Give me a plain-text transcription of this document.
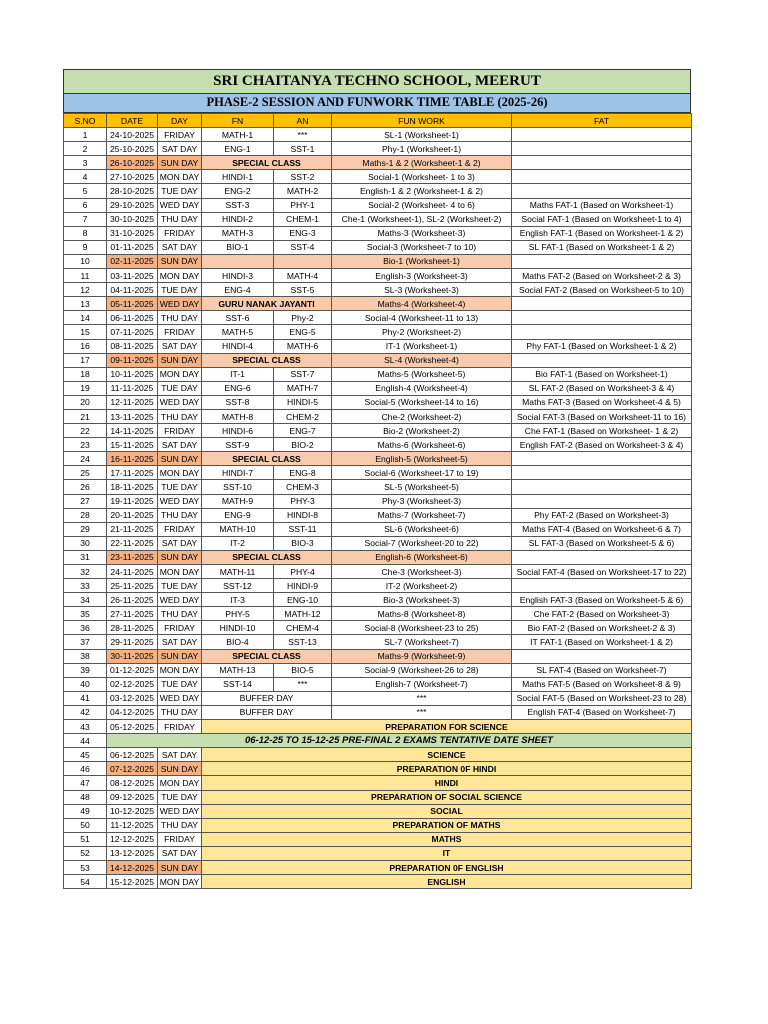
SRI CHAITANYA TECHNO SCHOOL, MEERUT
PHASE-2 SESSION AND FUNWORK TIME TABLE (2025-26)
S.NO	DATE	DAY	FN	AN	FUN WORK	FAT
1	24-10-2025	FRIDAY	MATH-1	***	SL-1 (Worksheet-1)	
2	25-10-2025	SAT DAY	ENG-1	SST-1	Phy-1 (Worksheet-1)	
3	26-10-2025	SUN DAY	SPECIAL CLASS		Maths-1 & 2 (Worksheet-1 & 2)	
4	27-10-2025	MON DAY	HINDI-1	SST-2	Social-1 (Worksheet- 1 to 3)	
5	28-10-2025	TUE DAY	ENG-2	MATH-2	English-1 & 2 (Worksheet-1 & 2)	
6	29-10-2025	WED DAY	SST-3	PHY-1	Social-2 (Worksheet- 4 to 6)	Maths FAT-1 (Based on Worksheet-1)
7	30-10-2025	THU DAY	HINDI-2	CHEM-1	Che-1 (Worksheet-1), SL-2 (Worksheet-2)	Social FAT-1 (Based on Worksheet-1 to 4)
8	31-10-2025	FRIDAY	MATH-3	ENG-3	Maths-3 (Worksheet-3)	English FAT-1 (Based on Worksheet-1 & 2)
9	01-11-2025	SAT DAY	BIO-1	SST-4	Social-3 (Worksheet-7 to 10)	SL FAT-1 (Based on Worksheet-1 & 2)
10	02-11-2025	SUN DAY			Bio-1 (Worksheet-1)	
11	03-11-2025	MON DAY	HINDI-3	MATH-4	English-3 (Worksheet-3)	Maths FAT-2 (Based on Worksheet-2 & 3)
12	04-11-2025	TUE DAY	ENG-4	SST-5	SL-3 (Worksheet-3)	Social FAT-2 (Based on Worksheet-5 to 10)
13	05-11-2025	WED DAY	GURU NANAK JAYANTI		Maths-4 (Worksheet-4)	
14	06-11-2025	THU DAY	SST-6	Phy-2	Social-4 (Worksheet-11 to 13)	
15	07-11-2025	FRIDAY	MATH-5	ENG-5	Phy-2 (Worksheet-2)	
16	08-11-2025	SAT DAY	HINDI-4	MATH-6	IT-1 (Worksheet-1)	Phy FAT-1 (Based on Worksheet-1 & 2)
17	09-11-2025	SUN DAY	SPECIAL CLASS		SL-4 (Worksheet-4)	
18	10-11-2025	MON DAY	IT-1	SST-7	Maths-5 (Worksheet-5)	Bio FAT-1 (Based on Worksheet-1)
19	11-11-2025	TUE DAY	ENG-6	MATH-7	English-4 (Worksheet-4)	SL FAT-2 (Based on Worksheet-3 & 4)
20	12-11-2025	WED DAY	SST-8	HINDI-5	Social-5 (Worksheet-14 to 16)	Maths FAT-3 (Based on Worksheet-4 & 5)
21	13-11-2025	THU DAY	MATH-8	CHEM-2	Che-2 (Worksheet-2)	Social FAT-3 (Based on Worksheet-11 to 16)
22	14-11-2025	FRIDAY	HINDI-6	ENG-7	Bio-2 (Worksheet-2)	Che FAT-1 (Based on Worksheet- 1 & 2)
23	15-11-2025	SAT DAY	SST-9	BIO-2	Maths-6 (Worksheet-6)	English FAT-2 (Based on Worksheet-3 & 4)
24	16-11-2025	SUN DAY	SPECIAL CLASS		English-5 (Worksheet-5)	
25	17-11-2025	MON DAY	HINDI-7	ENG-8	Social-6 (Worksheet-17 to 19)	
26	18-11-2025	TUE DAY	SST-10	CHEM-3	SL-5 (Worksheet-5)	
27	19-11-2025	WED DAY	MATH-9	PHY-3	Phy-3 (Worksheet-3)	
28	20-11-2025	THU DAY	ENG-9	HINDI-8	Maths-7 (Worksheet-7)	Phy FAT-2 (Based on Worksheet-3)
29	21-11-2025	FRIDAY	MATH-10	SST-11	SL-6 (Worksheet-6)	Maths FAT-4 (Based on Worksheet-6 & 7)
30	22-11-2025	SAT DAY	IT-2	BIO-3	Social-7 (Worksheet-20 to 22)	SL FAT-3 (Based on Worksheet-5 & 6)
31	23-11-2025	SUN DAY	SPECIAL CLASS		English-6 (Worksheet-6)	
32	24-11-2025	MON DAY	MATH-11	PHY-4	Che-3 (Worksheet-3)	Social FAT-4 (Based on Worksheet-17 to 22)
33	25-11-2025	TUE DAY	SST-12	HINDI-9	IT-2 (Worksheet-2)	
34	26-11-2025	WED DAY	IT-3	ENG-10	Bio-3 (Worksheet-3)	English FAT-3 (Based on Worksheet-5 & 6)
35	27-11-2025	THU DAY	PHY-5	MATH-12	Maths-8 (Worksheet-8)	Che FAT-2 (Based on Worksheet-3)
36	28-11-2025	FRIDAY	HINDI-10	CHEM-4	Social-8 (Worksheet-23 to 25)	Bio FAT-2 (Based on Worksheet-2 & 3)
37	29-11-2025	SAT DAY	BIO-4	SST-13	SL-7 (Worksheet-7)	IT FAT-1 (Based on Worksheet-1 & 2)
38	30-11-2025	SUN DAY	SPECIAL CLASS		Maths-9 (Worksheet-9)	
39	01-12-2025	MON DAY	MATH-13	BIO-5	Social-9 (Worksheet-26 to 28)	SL FAT-4 (Based on Worksheet-7)
40	02-12-2025	TUE DAY	SST-14	***	English-7 (Worksheet-7)	Maths FAT-5 (Based on Worksheet-8 & 9)
41	03-12-2025	WED DAY	BUFFER DAY		***	Social FAT-5 (Based on Worksheet-23 to 28)
42	04-12-2025	THU DAY	BUFFER DAY		***	English FAT-4 (Based on Worksheet-7)
43	05-12-2025	FRIDAY	PREPARATION FOR SCIENCE			
44	06-12-25 TO 15-12-25 PRE-FINAL 2 EXAMS TENTATIVE DATE SHEET					
45	06-12-2025	SAT DAY	SCIENCE			
46	07-12-2025	SUN DAY	PREPARATION 0F HINDI			
47	08-12-2025	MON DAY	HINDI			
48	09-12-2025	TUE DAY	PREPARATION OF SOCIAL SCIENCE			
49	10-12-2025	WED DAY	SOCIAL			
50	11-12-2025	THU DAY	PREPARATION OF MATHS			
51	12-12-2025	FRIDAY	MATHS			
52	13-12-2025	SAT DAY	IT			
53	14-12-2025	SUN DAY	PREPARATION 0F ENGLISH			
54	15-12-2025	MON DAY	ENGLISH			
